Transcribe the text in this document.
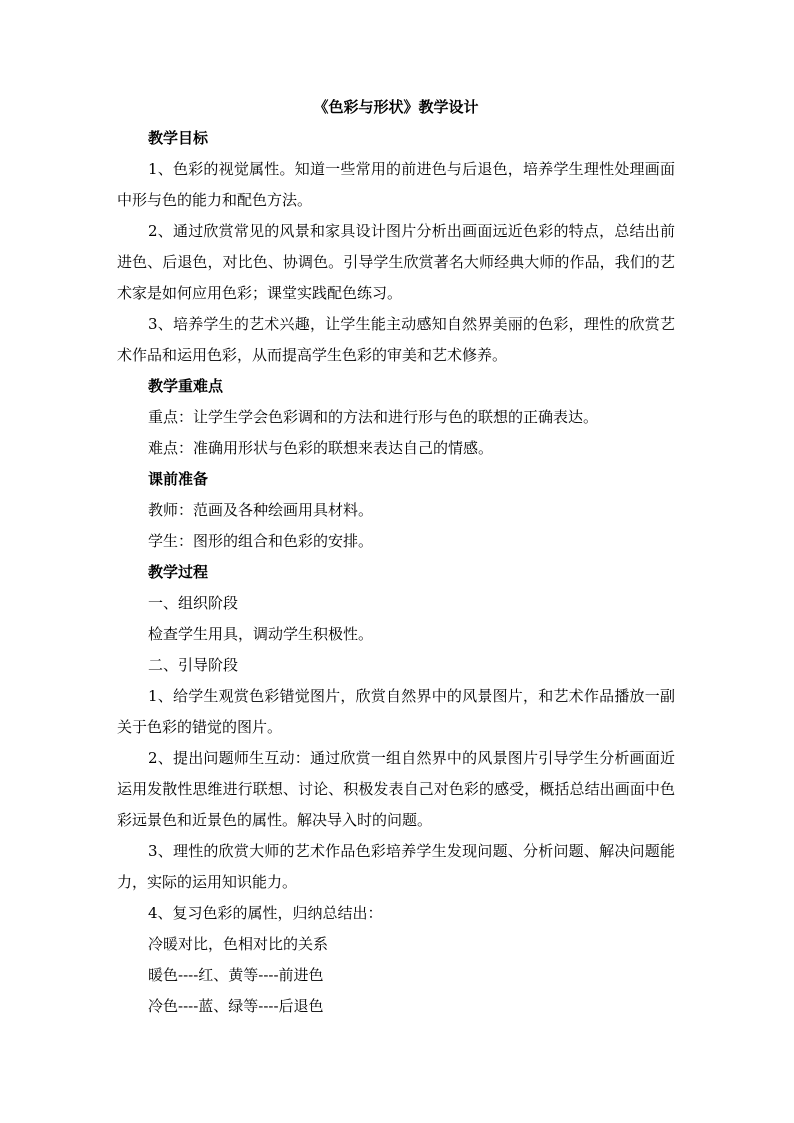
《色彩与形状》教学设计

教学目标

1、色彩的视觉属性。知道一些常用的前进色与后退色，培养学生理性处理画面中形与色的能力和配色方法。

2、通过欣赏常见的风景和家具设计图片分析出画面远近色彩的特点，总结出前进色、后退色，对比色、协调色。引导学生欣赏著名大师经典大师的作品，我们的艺术家是如何应用色彩；课堂实践配色练习。

3、培养学生的艺术兴趣，让学生能主动感知自然界美丽的色彩，理性的欣赏艺术作品和运用色彩，从而提高学生色彩的审美和艺术修养。

教学重难点

重点：让学生学会色彩调和的方法和进行形与色的联想的正确表达。

难点：准确用形状与色彩的联想来表达自己的情感。

课前准备

教师：范画及各种绘画用具材料。

学生：图形的组合和色彩的安排。

教学过程

一、组织阶段

检查学生用具，调动学生积极性。

二、引导阶段

1、给学生观赏色彩错觉图片，欣赏自然界中的风景图片，和艺术作品播放一副关于色彩的错觉的图片。

2、提出问题师生互动：通过欣赏一组自然界中的风景图片引导学生分析画面近运用发散性思维进行联想、讨论、积极发表自己对色彩的感受，概括总结出画面中色彩远景色和近景色的属性。解决导入时的问题。

3、理性的欣赏大师的艺术作品色彩培养学生发现问题、分析问题、解决问题能力，实际的运用知识能力。

4、复习色彩的属性，归纳总结出：

冷暖对比，色相对比的关系

暖色----红、黄等----前进色

冷色----蓝、绿等----后退色
